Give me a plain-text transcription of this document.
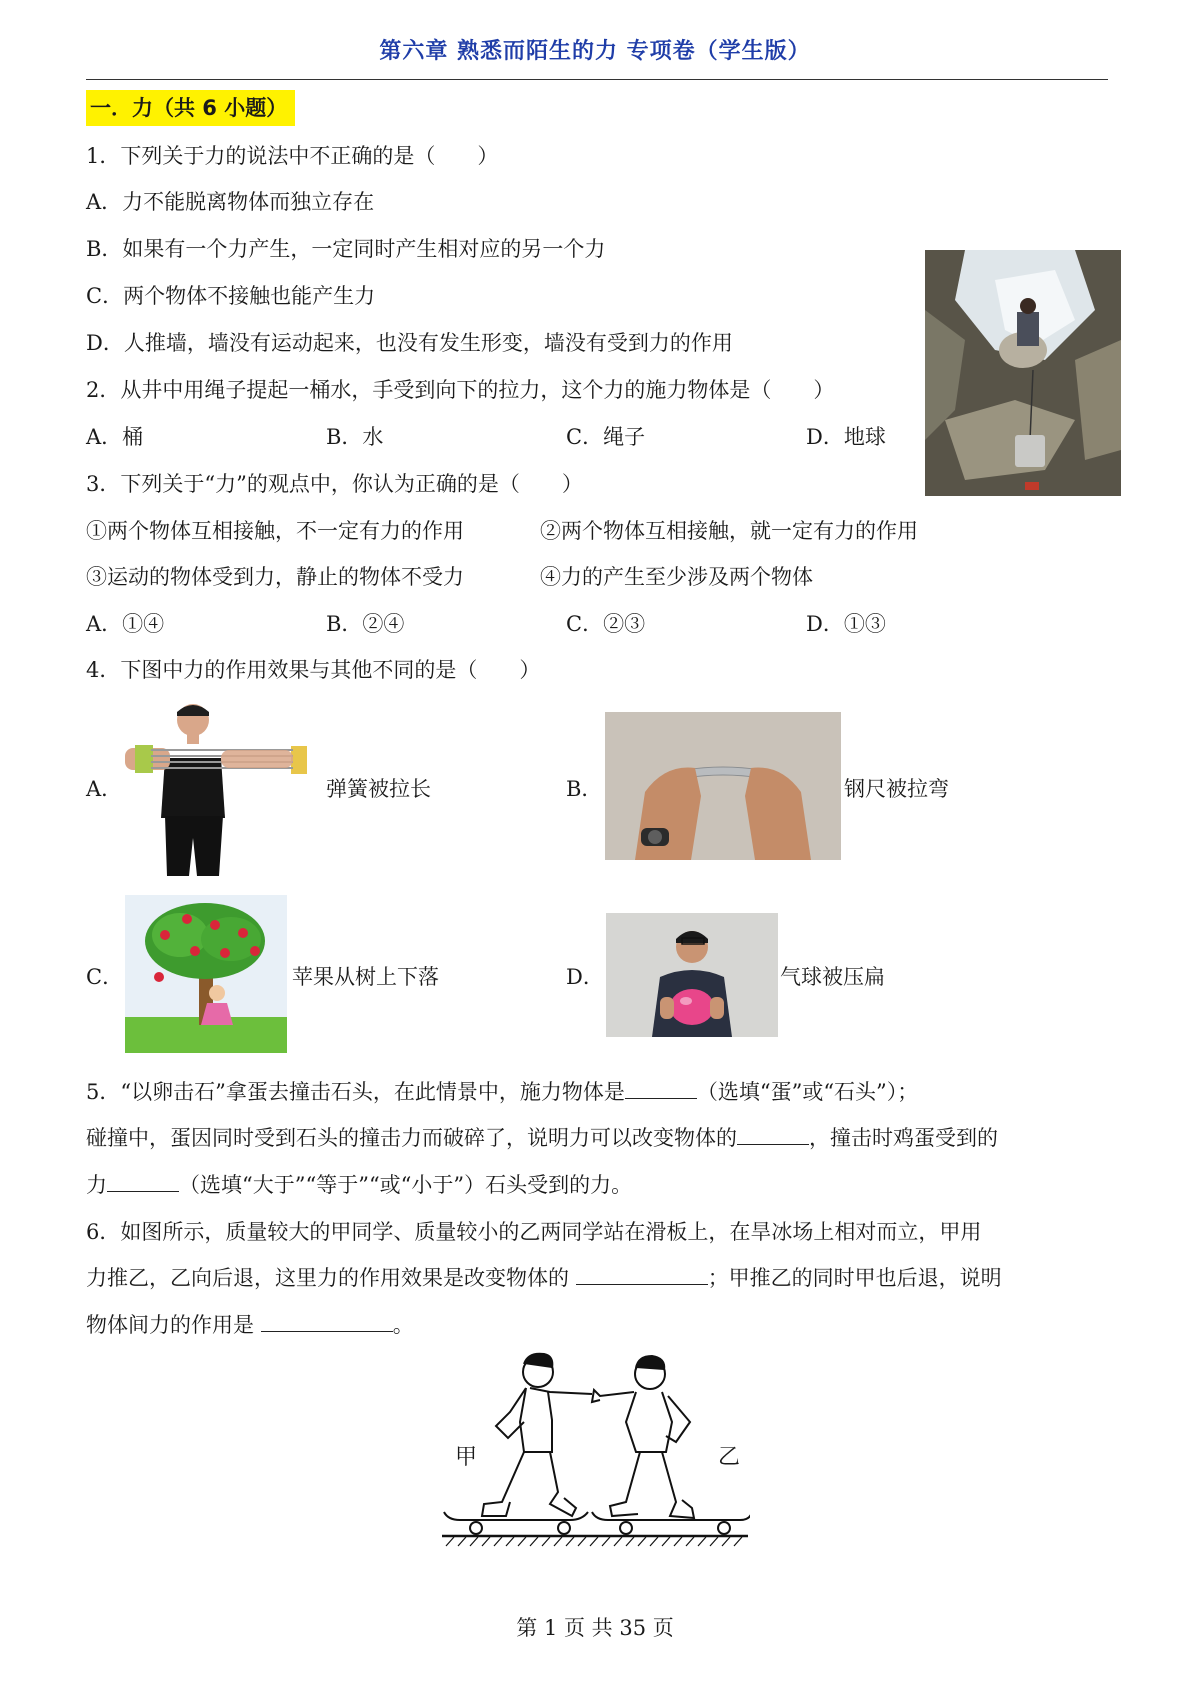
第六章 熟悉而陌生的力 专项卷（学生版）
一．力（共 6 小题）
1．下列关于力的说法中不正确的是（　　）
A．力不能脱离物体而独立存在
B．如果有一个力产生，一定同时产生相对应的另一个力
C．两个物体不接触也能产生力
D．人推墙，墙没有运动起来，也没有发生形变，墙没有受到力的作用
2．从井中用绳子提起一桶水，手受到向下的拉力，这个力的施力物体是（　　）
A．桶	B．水	C．绳子	D．地球
3．下列关于“力”的观点中，你认为正确的是（　　）
①两个物体互相接触，不一定有力的作用	②两个物体互相接触，就一定有力的作用
③运动的物体受到力，静止的物体不受力	④力的产生至少涉及两个物体
A．①④	B．②④	C．②③	D．①③
4．下图中力的作用效果与其他不同的是（　　）
A．	弹簧被拉长	B．	钢尺被拉弯
C．	苹果从树上下落	D．	气球被压扁
5．“以卵击石”拿蛋去撞击石头，在此情景中，施力物体是	（选填“蛋”或“石头”）；
碰撞中，蛋因同时受到石头的撞击力而破碎了，说明力可以改变物体的	，撞击时鸡蛋受到的
力	（选填“大于”“等于”“或“小于”）石头受到的力。
6．如图所示，质量较大的甲同学、质量较小的乙两同学站在滑板上，在旱冰场上相对而立，甲用
力推乙，乙向后退，这里力的作用效果是改变物体的	；甲推乙的同时甲也后退，说明
物体间力的作用是	。
甲	乙
第 1 页 共 35 页
